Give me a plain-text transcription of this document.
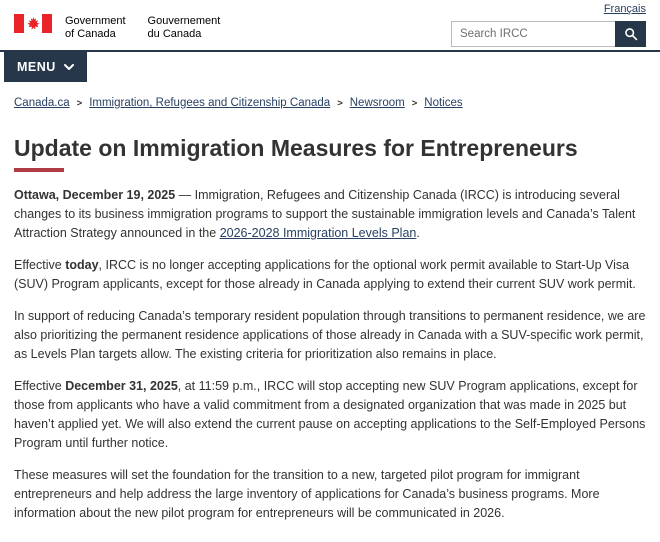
Français
Government
of Canada
Gouvernement
du Canada
Search IRCC
MENU
Canada.ca > Immigration, Refugees and Citizenship Canada > Newsroom > Notices
Update on Immigration Measures for Entrepreneurs

Ottawa, December 19, 2025 — Immigration, Refugees and Citizenship Canada (IRCC) is introducing several changes to its business immigration programs to support the sustainable immigration levels and Canada’s Talent Attraction Strategy announced in the 2026-2028 Immigration Levels Plan.

Effective today, IRCC is no longer accepting applications for the optional work permit available to Start-Up Visa (SUV) Program applicants, except for those already in Canada applying to extend their current SUV work permit.

In support of reducing Canada’s temporary resident population through transitions to permanent residence, we are also prioritizing the permanent residence applications of those already in Canada with a SUV-specific work permit, as Levels Plan targets allow. The existing criteria for prioritization also remains in place.

Effective December 31, 2025, at 11:59 p.m., IRCC will stop accepting new SUV Program applications, except for those from applicants who have a valid commitment from a designated organization that was made in 2025 but haven’t applied yet. We will also extend the current pause on accepting applications to the Self-Employed Persons Program until further notice.

These measures will set the foundation for the transition to a new, targeted pilot program for immigrant entrepreneurs and help address the large inventory of applications for Canada’s business programs. More information about the new pilot program for entrepreneurs will be communicated in 2026.
